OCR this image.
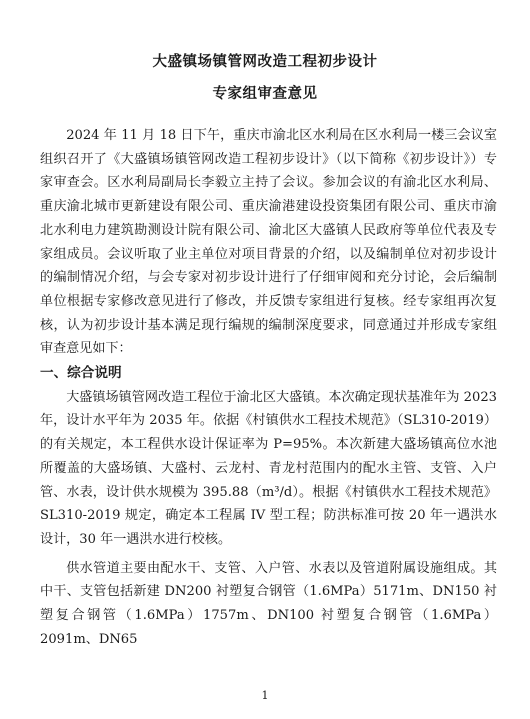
大盛镇场镇管网改造工程初步设计
专家组审查意见

2024 年 11 月 18 日下午，重庆市渝北区水利局在区水利局一楼三会议室组织召开了《大盛镇场镇管网改造工程初步设计》（以下简称《初步设计》）专家审查会。区水利局副局长李毅立主持了会议。参加会议的有渝北区水利局、重庆渝北城市更新建设有限公司、重庆渝港建设投资集团有限公司、重庆市渝北水利电力建筑勘测设计院有限公司、渝北区大盛镇人民政府等单位代表及专家组成员。会议听取了业主单位对项目背景的介绍，以及编制单位对初步设计的编制情况介绍，与会专家对初步设计进行了仔细审阅和充分讨论，会后编制单位根据专家修改意见进行了修改，并反馈专家组进行复核。经专家组再次复核，认为初步设计基本满足现行编规的编制深度要求，同意通过并形成专家组审查意见如下：

一、综合说明

大盛镇场镇管网改造工程位于渝北区大盛镇。本次确定现状基准年为 2023 年，设计水平年为 2035 年。依据《村镇供水工程技术规范》（SL310-2019）的有关规定，本工程供水设计保证率为 P=95%。本次新建大盛场镇高位水池所覆盖的大盛场镇、大盛村、云龙村、青龙村范围内的配水主管、支管、入户管、水表，设计供水规模为 395.88（m³/d）。根据《村镇供水工程技术规范》SL310-2019 规定，确定本工程属 IV 型工程；防洪标准可按 20 年一遇洪水设计，30 年一遇洪水进行校核。

供水管道主要由配水干、支管、入户管、水表以及管道附属设施组成。其中干、支管包括新建 DN200 衬塑复合钢管（1.6MPa）5171m、DN150 衬塑复合钢管（1.6MPa）1757m、DN100 衬塑复合钢管（1.6MPa）2091m、DN65

1
